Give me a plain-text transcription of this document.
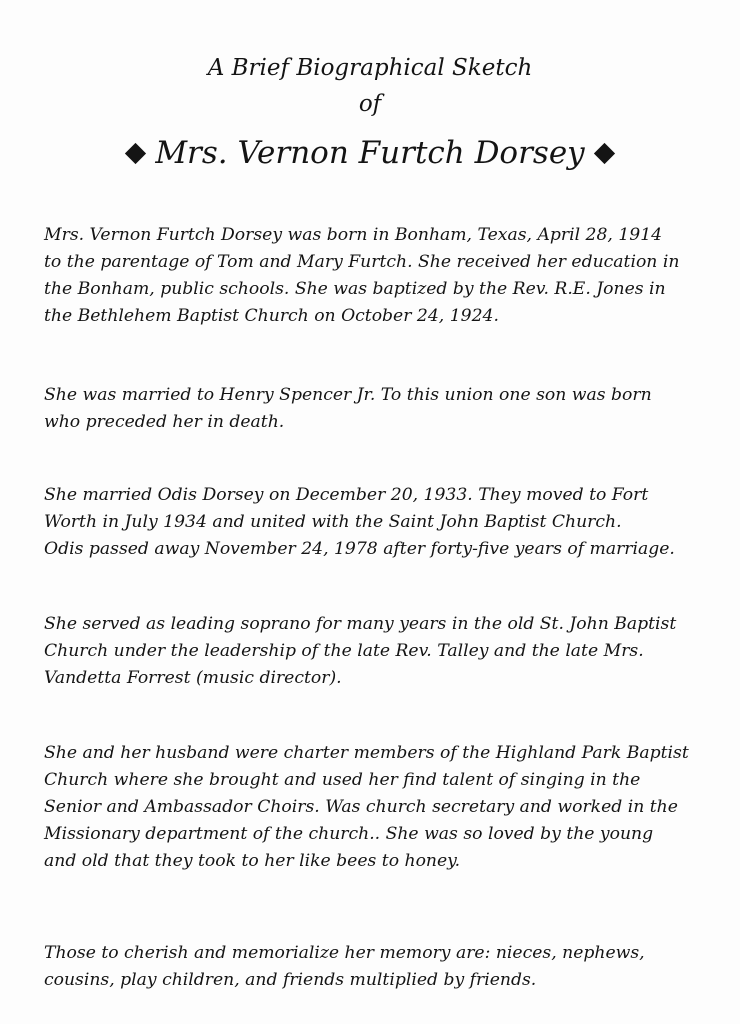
A Brief Biographical Sketch
of
Mrs. Vernon Furtch Dorsey
Mrs. Vernon Furtch Dorsey was born in Bonham, Texas, April 28, 1914
to the parentage of Tom and Mary Furtch. She received her education in
the Bonham, public schools. She was baptized by the Rev. R.E. Jones in
the Bethlehem Baptist Church on October 24, 1924.
She was married to Henry Spencer Jr. To this union one son was born
who preceded her in death.
She married Odis Dorsey on December 20, 1933. They moved to Fort
Worth in July 1934 and united with the Saint John Baptist Church.
Odis passed away November 24, 1978 after forty-five years of marriage.
She served as leading soprano for many years in the old St. John Baptist
Church under the leadership of the late Rev. Talley and the late Mrs.
Vandetta Forrest (music director).
She and her husband were charter members of the Highland Park Baptist
Church where she brought and used her find talent of singing in the
Senior and Ambassador Choirs. Was church secretary and worked in the
Missionary department of the church.. She was so loved by the young
and old that they took to her like bees to honey.
Those to cherish and memorialize her memory are: nieces, nephews,
cousins, play children, and friends multiplied by friends.
